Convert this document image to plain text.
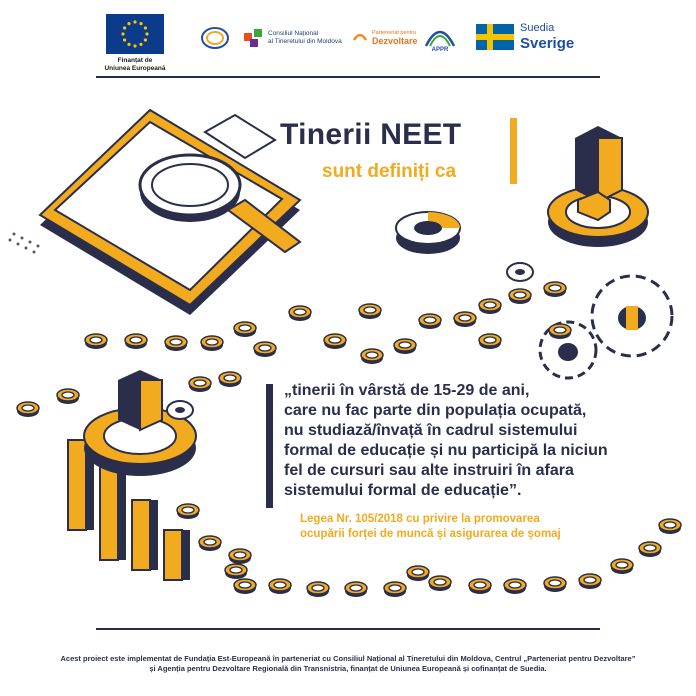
Finanțat de
Uniunea Europeană
Consiliul Național
al Tineretului din Moldova
Parteneriat pentru
Dezvoltare
APPR
Suedia
Sverige
Tinerii NEET
sunt definiți ca

„tinerii în vârstă de 15-29 de ani,
care nu fac parte din populația ocupată,
nu studiază/învață în cadrul sistemului
formal de educație și nu participă la niciun
fel de cursuri sau alte instruiri în afara
sistemului formal de educație”.

Legea Nr. 105/2018 cu privire la promovarea
ocupării forței de muncă și asigurarea de șomaj

Acest proiect este implementat de Fundația Est-Europeană în parteneriat cu Consiliul Național al Tineretului din Moldova, Centrul „Parteneriat pentru Dezvoltare”
și Agenția pentru Dezvoltare Regională din Transnistria, finanțat de Uniunea Europeană și cofinanțat de Suedia.
